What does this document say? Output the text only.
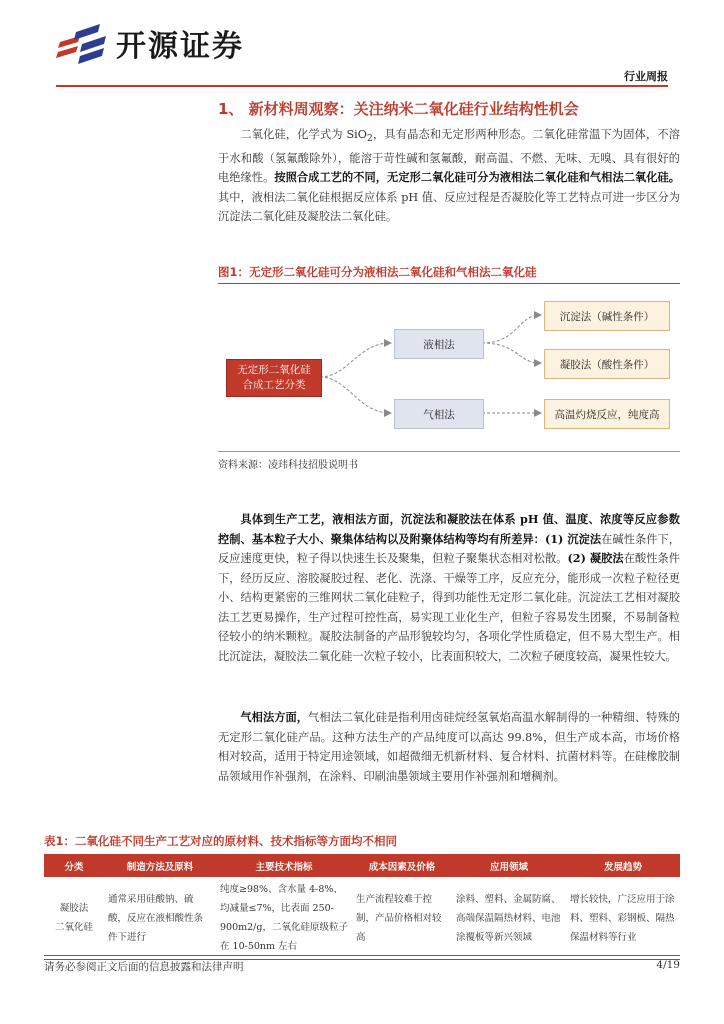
开源证券
行业周报
1、 新材料周观察：关注纳米二氧化硅行业结构性机会
二氧化硅，化学式为 SiO$_2$，具有晶态和无定形两种形态。二氧化硅常温下为固体，不溶于水和酸（氢氟酸除外），能溶于苛性碱和氢氟酸，耐高温、不燃、无味、无嗅、具有很好的电绝缘性。按照合成工艺的不同，无定形二氧化硅可分为液相法二氧化硅和气相法二氧化硅。其中，液相法二氧化硅根据反应体系 pH 值、反应过程是否凝胶化等工艺特点可进一步区分为沉淀法二氧化硅及凝胶法二氧化硅。
图1：无定形二氧化硅可分为液相法二氧化硅和气相法二氧化硅
无定形二氧化硅
合成工艺分类
液相法
气相法
沉淀法（碱性条件）
凝胶法（酸性条件）
高温灼烧反应，纯度高
资料来源：凌玮科技招股说明书
具体到生产工艺，液相法方面，沉淀法和凝胶法在体系 pH 值、温度、浓度等反应参数控制、基本粒子大小、聚集体结构以及附聚体结构等均有所差异：(1) 沉淀法在碱性条件下，反应速度更快，粒子得以快速生长及聚集，但粒子聚集状态相对松散。(2) 凝胶法在酸性条件下，经历反应、溶胶凝胶过程、老化、洗涤、干燥等工序，反应充分，能形成一次粒子粒径更小、结构更紧密的三维网状二氧化硅粒子，得到功能性无定形二氧化硅。沉淀法工艺相对凝胶法工艺更易操作，生产过程可控性高，易实现工业化生产，但粒子容易发生团聚，不易制备粒径较小的纳米颗粒。凝胶法制备的产品形貌较均匀，各项化学性质稳定，但不易大型生产。相比沉淀法，凝胶法二氧化硅一次粒子较小，比表面积较大，二次粒子硬度较高，凝果性较大。
气相法方面，气相法二氧化硅是指利用卤硅烷经氢氧焰高温水解制得的一种精细、特殊的无定形二氧化硅产品。这种方法生产的产品纯度可以高达 99.8%，但生产成本高，市场价格相对较高，适用于特定用途领域，如超微细无机新材料、复合材料、抗菌材料等。在硅橡胶制品领域用作补强剂，在涂料、印刷油墨领域主要用作补强剂和增稠剂。
表1：二氧化硅不同生产工艺对应的原材料、技术指标等方面均不相同
分类	制造方法及原料	主要技术指标	成本因素及价格	应用领域	发展趋势

凝胶法
二氧化硅	通常采用硅酸钠、硫酸，反应在液相酸性条件下进行	纯度≥98%、含水量 4-8%、均减量≤7%，比表面 250-900m2/g，二氧化硅原级粒子在 10-50nm 左右	生产流程较难于控制，产品价格相对较高	涂料、塑料、金属防腐、高端保温隔热材料、电池涂覆板等新兴领域	增长较快，广泛应用于涂料、塑料、彩钢板、隔热保温材料等行业
请务必参阅正文后面的信息披露和法律声明	4/19
